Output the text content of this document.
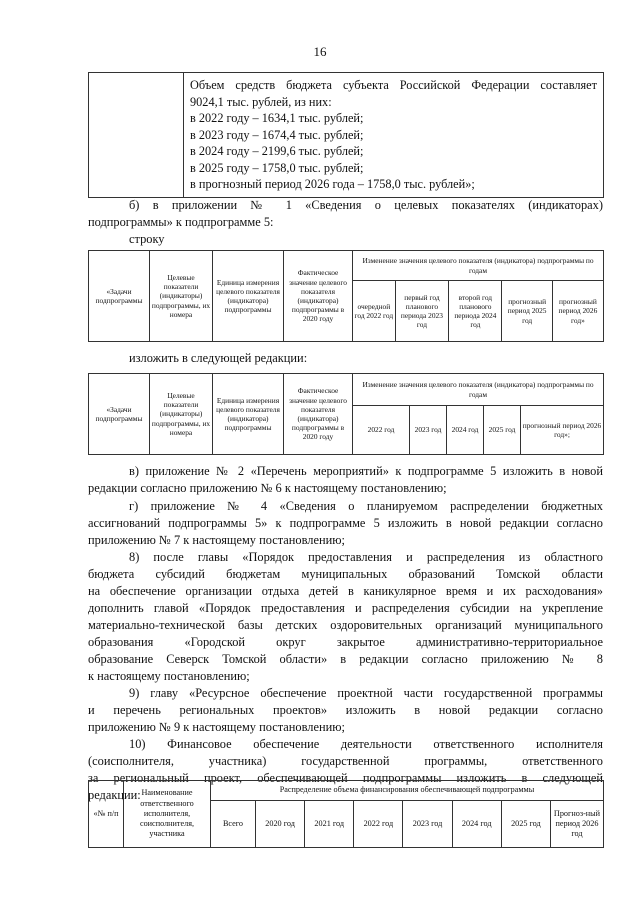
16

Объем средств бюджета субъекта Российской Федерации составляет
9024,1 тыс. рублей, из них:
в 2022 году – 1634,1 тыс. рублей;
в 2023 году – 1674,4 тыс. рублей;
в 2024 году – 2199,6 тыс. рублей;
в 2025 году – 1758,0 тыс. рублей;
в прогнозный период 2026 года – 1758,0 тыс. рублей»;
б) в приложении № 1 «Сведения о целевых показателях (индикаторах)
подпрограммы» к подпрограмме 5:
строку
«Задачи подпрограммы	Целевые показатели (индикаторы) подпрограммы, их номера	Единица измерения целевого показателя (индикатора) подпрограммы	Фактическое значение целевого показателя (индикатора) подпрограммы в 2020 году	Изменение значения целевого показателя (индикатора) подпрограммы по годам				
				очередной год 2022 год	первый год планового периода 2023 год	второй год планового периода 2024 год	прогнозный период 2025 год	прогнозный период 2026 год»
изложить в следующей редакции:
«Задачи подпрограммы	Целевые показатели (индикаторы) подпрограммы, их номера	Единица измерения целевого показателя (индикатора) подпрограммы	Фактическое значение целевого показателя (индикатора) подпрограммы в 2020 году	Изменение значения целевого показателя (индикатора) подпрограммы по годам				
				2022 год	2023 год	2024 год	2025 год	прогнозный период 2026 год»;
в) приложение № 2 «Перечень мероприятий» к подпрограмме 5 изложить в новой
редакции согласно приложению № 6 к настоящему постановлению;
г) приложение № 4 «Сведения о планируемом распределении бюджетных
ассигнований подпрограммы 5» к подпрограмме 5 изложить в новой редакции согласно
приложению № 7 к настоящему постановлению;
8) после главы «Порядок предоставления и распределения из областного
бюджета субсидий бюджетам муниципальных образований Томской области
на обеспечение организации отдыха детей в каникулярное время и их расходования»
дополнить главой «Порядок предоставления и распределения субсидии на укрепление
материально-технической базы детских оздоровительных организаций муниципального
образования «Городской округ закрытое административно-территориальное
образование Северск Томской области» в редакции согласно приложению № 8
к настоящему постановлению;
9) главу «Ресурсное обеспечение проектной части государственной программы
и перечень региональных проектов» изложить в новой редакции согласно
приложению № 9 к настоящему постановлению;
10) Финансовое обеспечение деятельности ответственного исполнителя
(соисполнителя, участника) государственной программы, ответственного
за региональный проект, обеспечивающей подпрограммы изложить в следующей
редакции:
«№ п/п	Наименование ответственного исполнителя, соисполнителя, участника	Распределение объема финансирования обеспечивающей подпрограммы							
		Всего	2020 год	2021 год	2022 год	2023 год	2024 год	2025 год	Прогноз-ный период 2026 год
